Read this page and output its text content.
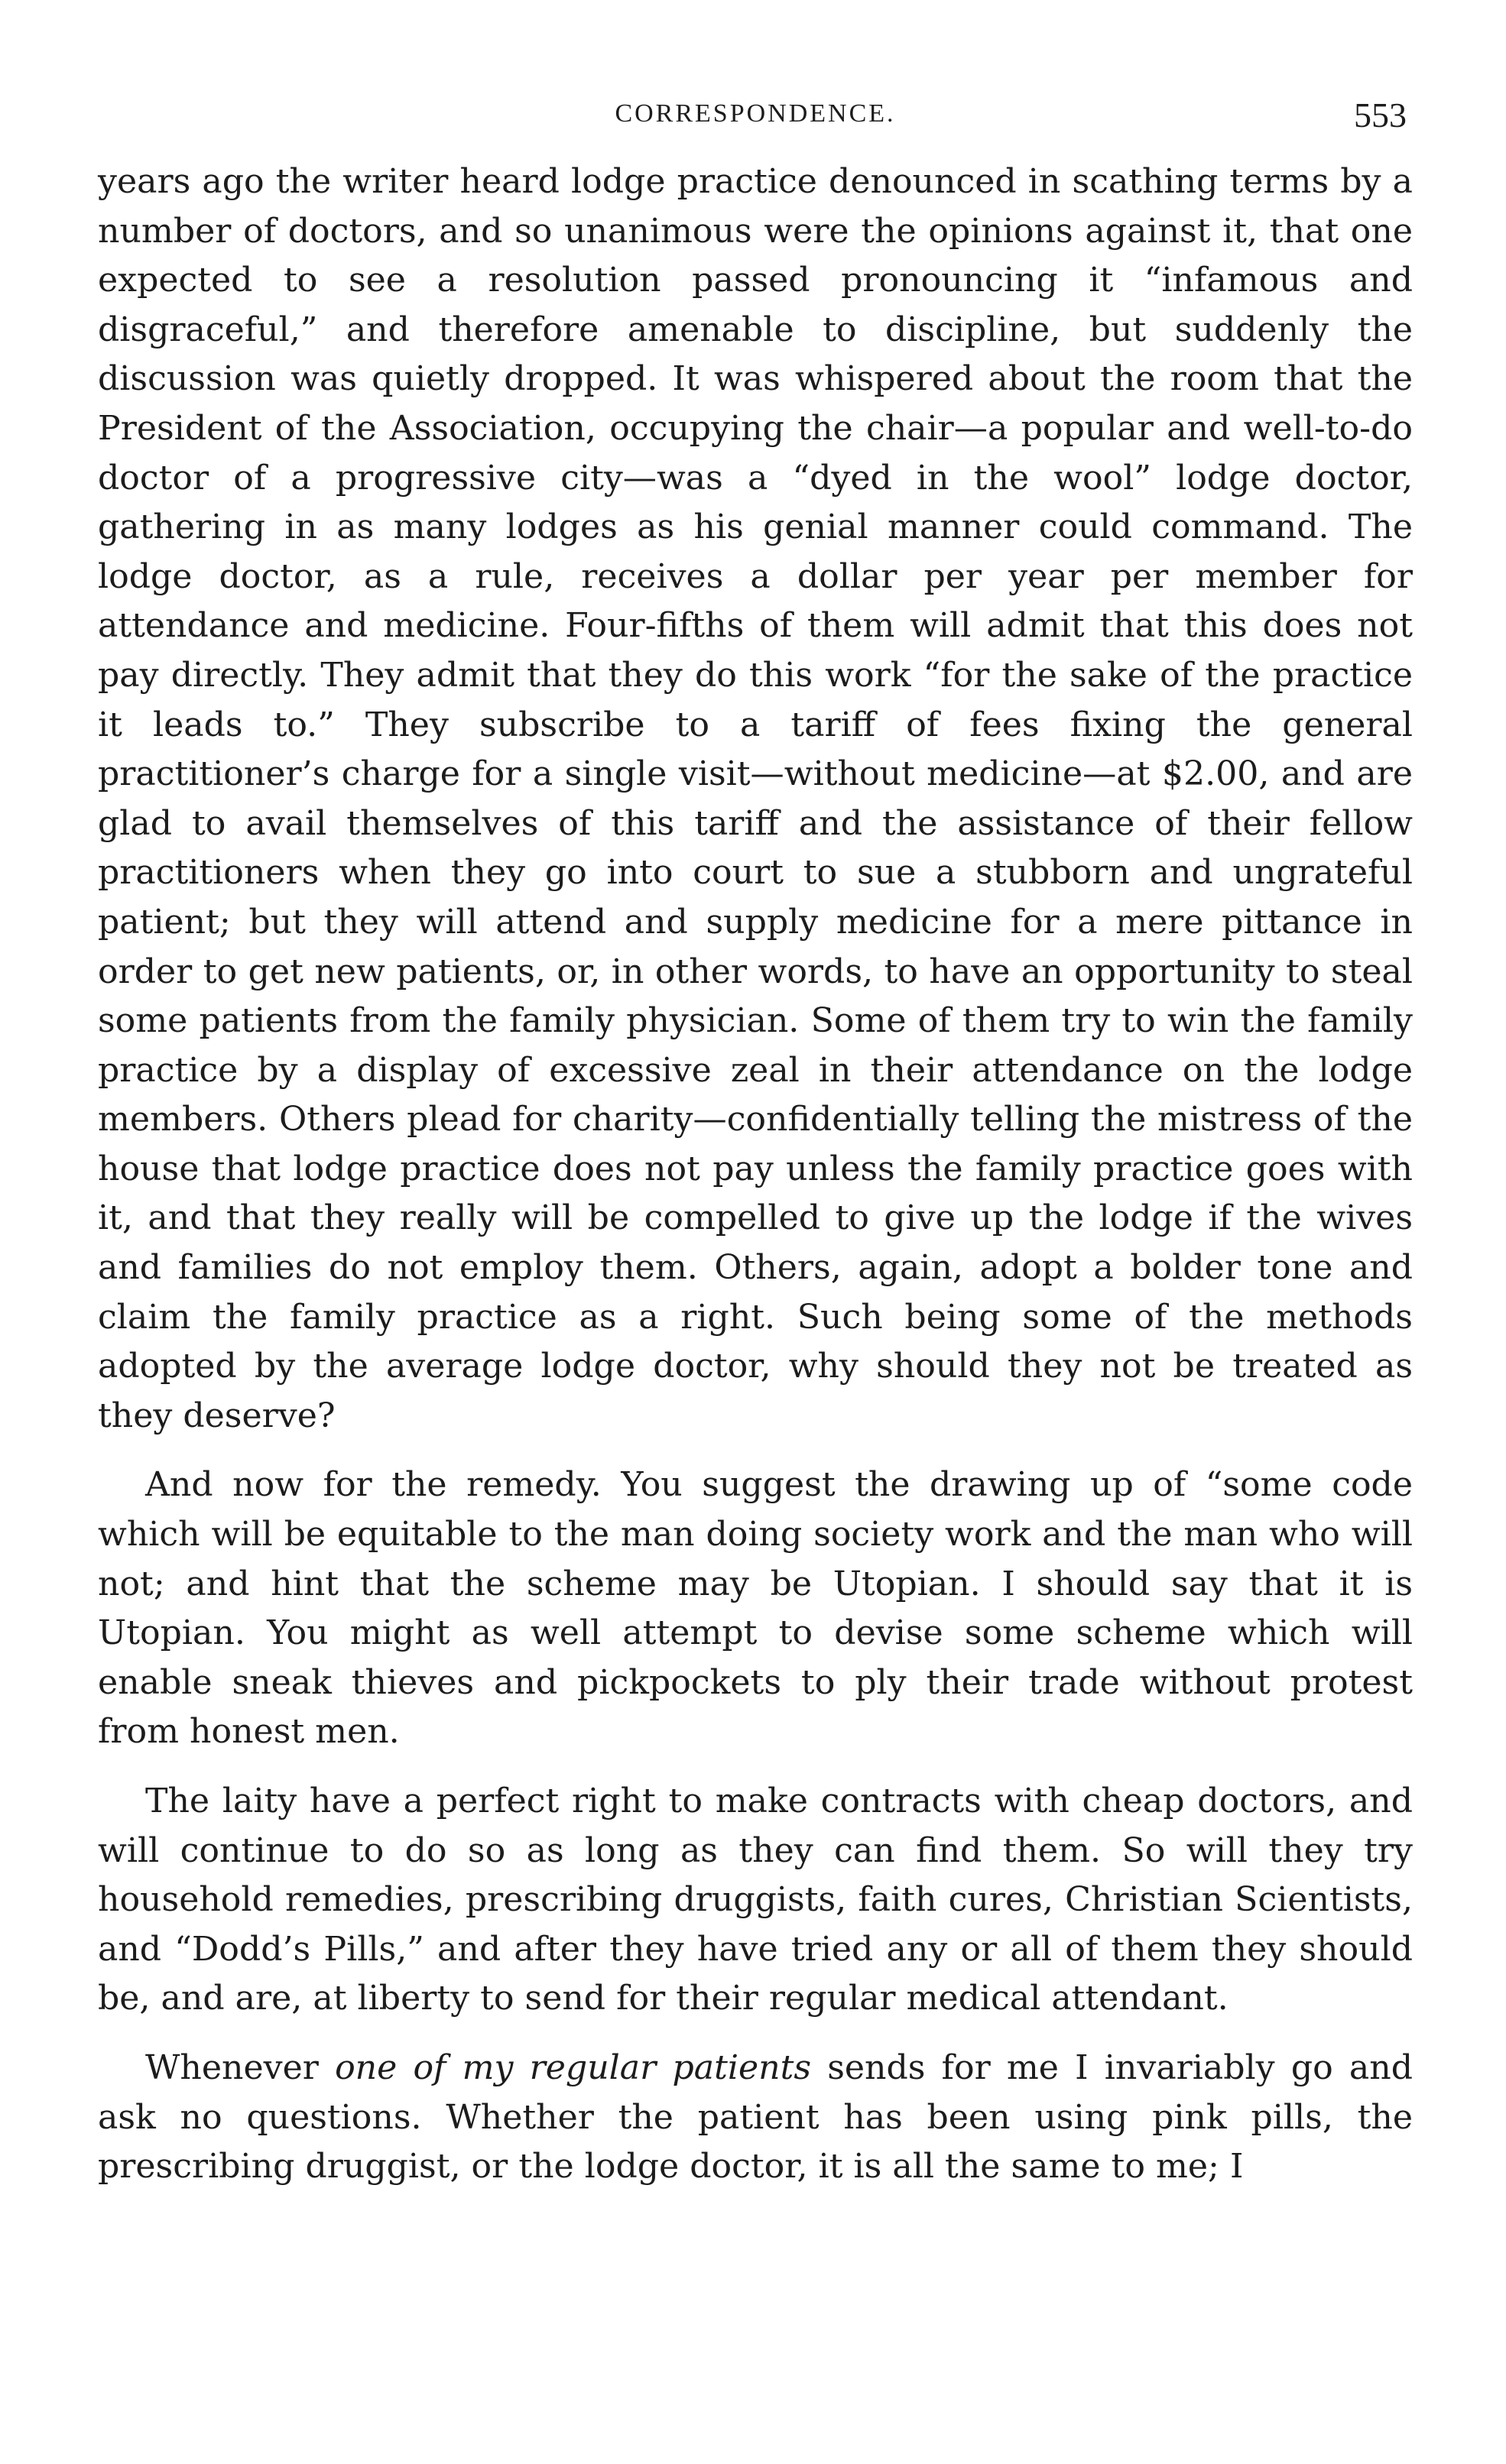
CORRESPONDENCE.	553

years ago the writer heard lodge practice denounced in scathing terms by a number of doctors, and so unanimous were the opinions against it, that one expected to see a resolution passed pronouncing it “infamous and disgraceful,” and therefore amenable to discipline, but suddenly the discussion was quietly dropped. It was whispered about the room that the President of the Association, occupying the chair—a popular and well-to-do doctor of a progressive city—was a “dyed in the wool” lodge doctor, gathering in as many lodges as his genial manner could command. The lodge doctor, as a rule, receives a dollar per year per member for attendance and medicine. Four-fifths of them will admit that this does not pay directly. They admit that they do this work “for the sake of the practice it leads to.” They subscribe to a tariff of fees fixing the general practitioner’s charge for a single visit—without medicine—at $2.00, and are glad to avail themselves of this tariff and the assistance of their fellow practitioners when they go into court to sue a stubborn and ungrateful patient; but they will attend and supply medicine for a mere pittance in order to get new patients, or, in other words, to have an opportunity to steal some patients from the family physician. Some of them try to win the family practice by a display of excessive zeal in their attendance on the lodge members. Others plead for charity—confidentially telling the mistress of the house that lodge practice does not pay unless the family practice goes with it, and that they really will be compelled to give up the lodge if the wives and families do not employ them. Others, again, adopt a bolder tone and claim the family practice as a right. Such being some of the methods adopted by the average lodge doctor, why should they not be treated as they deserve?

And now for the remedy. You suggest the drawing up of “some code which will be equitable to the man doing society work and the man who will not; and hint that the scheme may be Utopian. I should say that it is Utopian. You might as well attempt to devise some scheme which will enable sneak thieves and pickpockets to ply their trade without protest from honest men.

The laity have a perfect right to make contracts with cheap doctors, and will continue to do so as long as they can find them. So will they try household remedies, prescribing druggists, faith cures, Christian Scientists, and “Dodd’s Pills,” and after they have tried any or all of them they should be, and are, at liberty to send for their regular medical attendant.

Whenever one of my regular patients sends for me I invariably go and ask no questions. Whether the patient has been using pink pills, the prescribing druggist, or the lodge doctor, it is all the same to me; I
